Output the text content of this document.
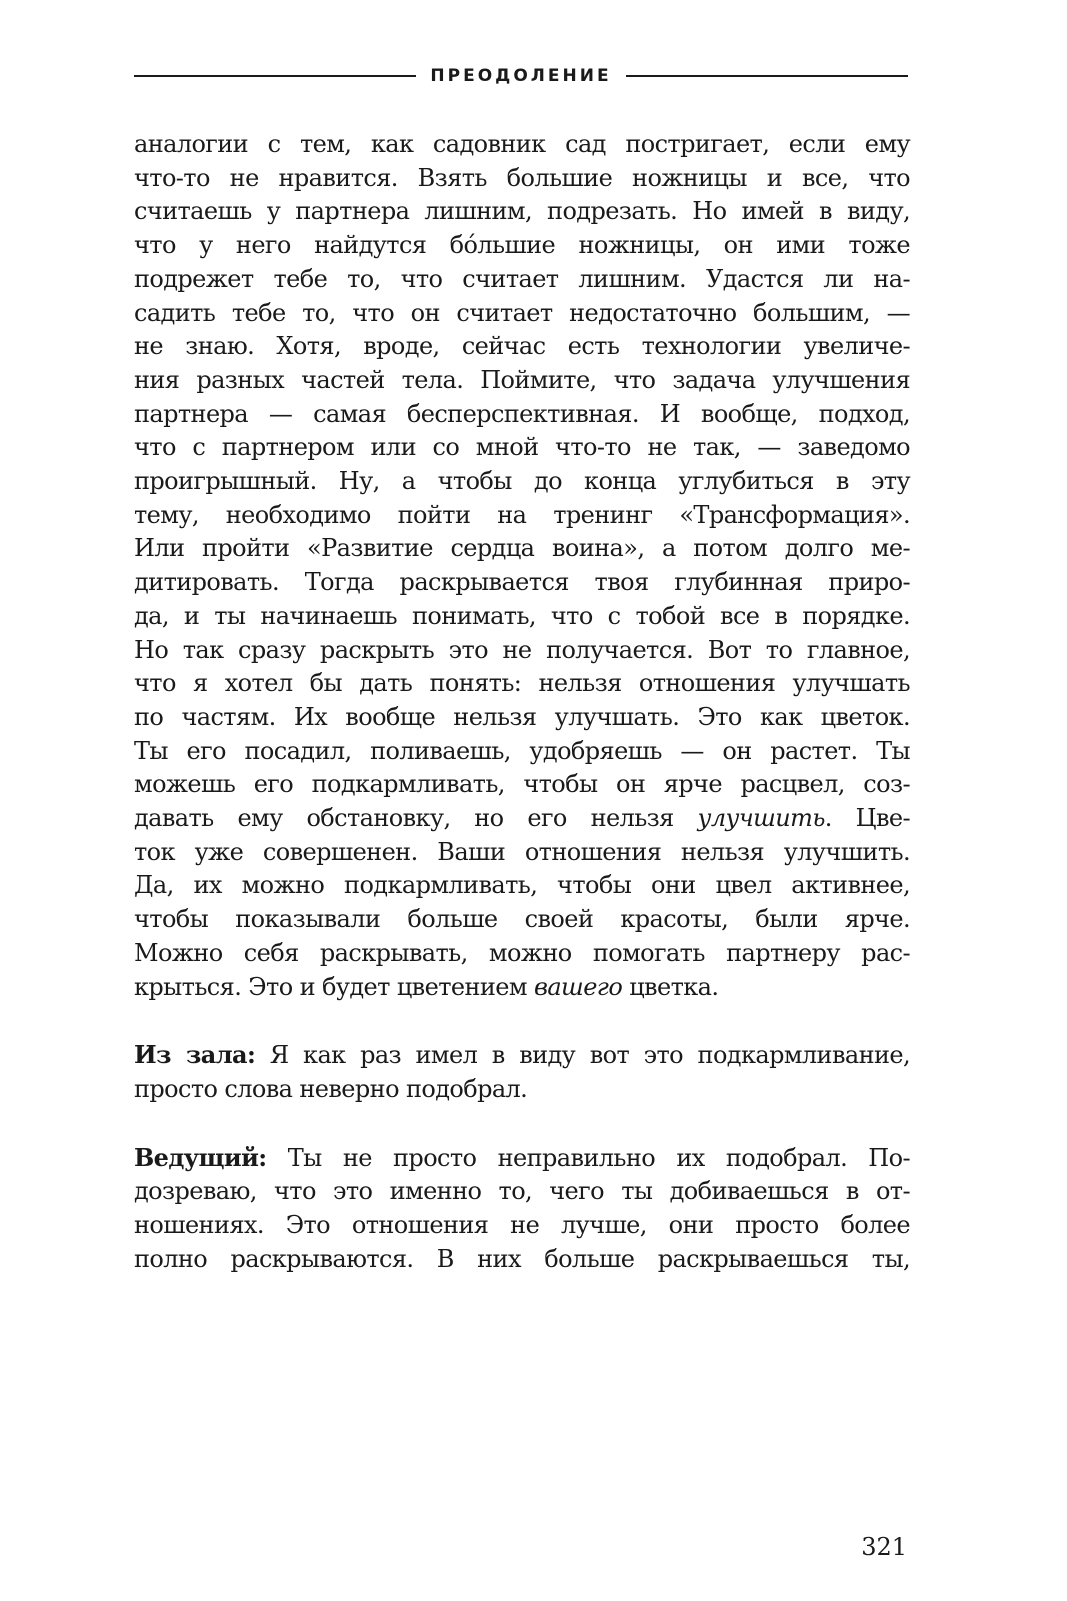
ПРЕОДОЛЕНИЕ
аналогии с тем, как садовник сад постригает, если ему
что-то не нравится. Взять большие ножницы и все, что
считаешь у партнера лишним, подрезать. Но имей в виду,
что у него найдутся бóльшие ножницы, он ими тоже
подрежет тебе то, что считает лишним. Удастся ли на-
садить тебе то, что он считает недостаточно большим, —
не знаю. Хотя, вроде, сейчас есть технологии увеличе-
ния разных частей тела. Поймите, что задача улучшения
партнера — самая бесперспективная. И вообще, подход,
что с партнером или со мной что-то не так, — заведомо
проигрышный. Ну, а чтобы до конца углубиться в эту
тему, необходимо пойти на тренинг «Трансформация».
Или пройти «Развитие сердца воина», а потом долго ме-
дитировать. Тогда раскрывается твоя глубинная приро-
да, и ты начинаешь понимать, что с тобой все в порядке.
Но так сразу раскрыть это не получается. Вот то главное,
что я хотел бы дать понять: нельзя отношения улучшать
по частям. Их вообще нельзя улучшать. Это как цветок.
Ты его посадил, поливаешь, удобряешь — он растет. Ты
можешь его подкармливать, чтобы он ярче расцвел, соз-
давать ему обстановку, но его нельзя улучшить. Цве-
ток уже совершенен. Ваши отношения нельзя улучшить.
Да, их можно подкармливать, чтобы они цвел активнее,
чтобы показывали больше своей красоты, были ярче.
Можно себя раскрывать, можно помогать партнеру рас-
крыться. Это и будет цветением вашего цветка.
Из зала: Я как раз имел в виду вот это подкармливание,
просто слова неверно подобрал.
Ведущий: Ты не просто неправильно их подобрал. По-
дозреваю, что это именно то, чего ты добиваешься в от-
ношениях. Это отношения не лучше, они просто более
полно раскрываются. В них больше раскрываешься ты,
321
